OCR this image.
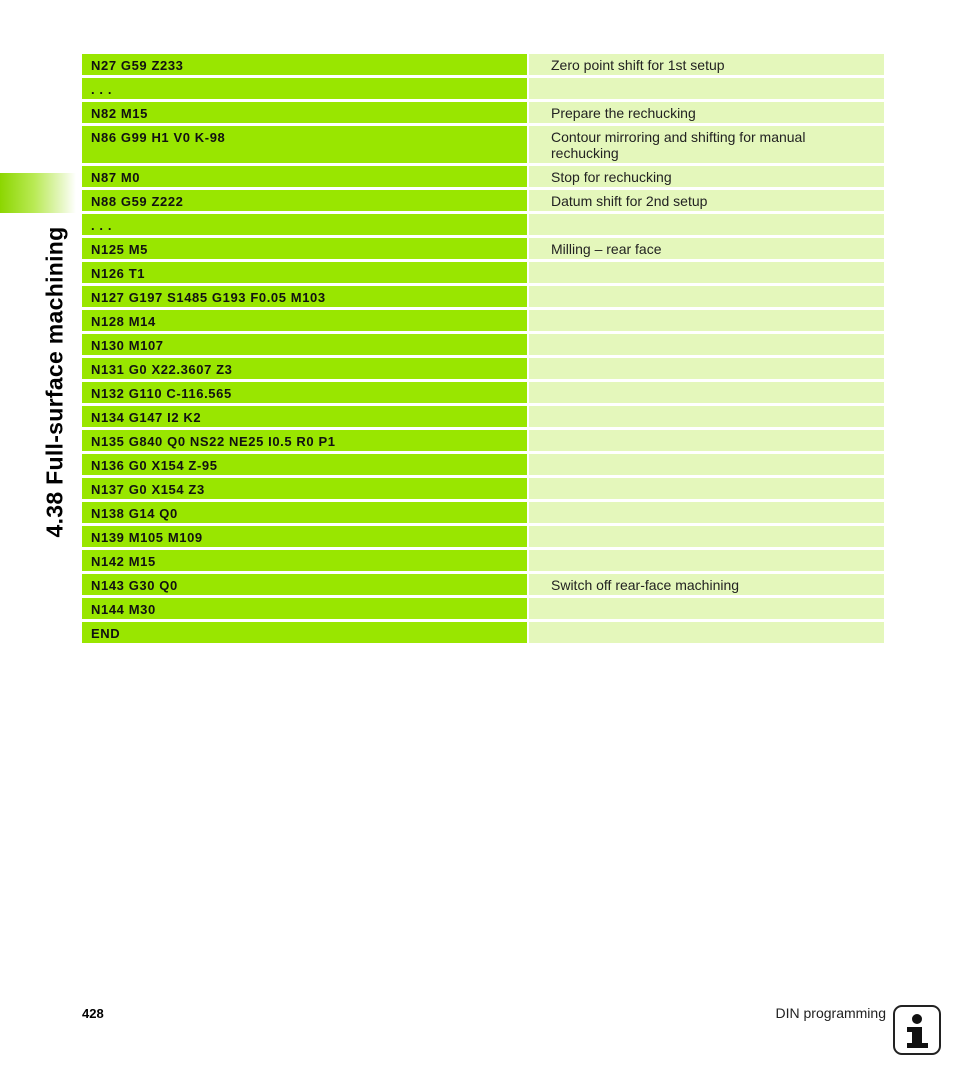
4.38 Full-surface machining
N27 G59 Z233	Zero point shift for 1st setup
. . .
N82 M15	Prepare the rechucking
N86 G99 H1 V0 K-98	Contour mirroring and shifting for manual rechucking
N87 M0	Stop for rechucking
N88 G59 Z222	Datum shift for 2nd setup
. . .
N125 M5	Milling – rear face
N126 T1
N127 G197 S1485 G193 F0.05 M103
N128 M14
N130 M107
N131 G0 X22.3607 Z3
N132 G110 C-116.565
N134 G147 I2 K2
N135 G840 Q0 NS22 NE25 I0.5 R0 P1
N136 G0 X154 Z-95
N137 G0 X154 Z3
N138 G14 Q0
N139 M105 M109
N142 M15
N143 G30 Q0	Switch off rear-face machining
N144 M30
END
428	DIN programming
